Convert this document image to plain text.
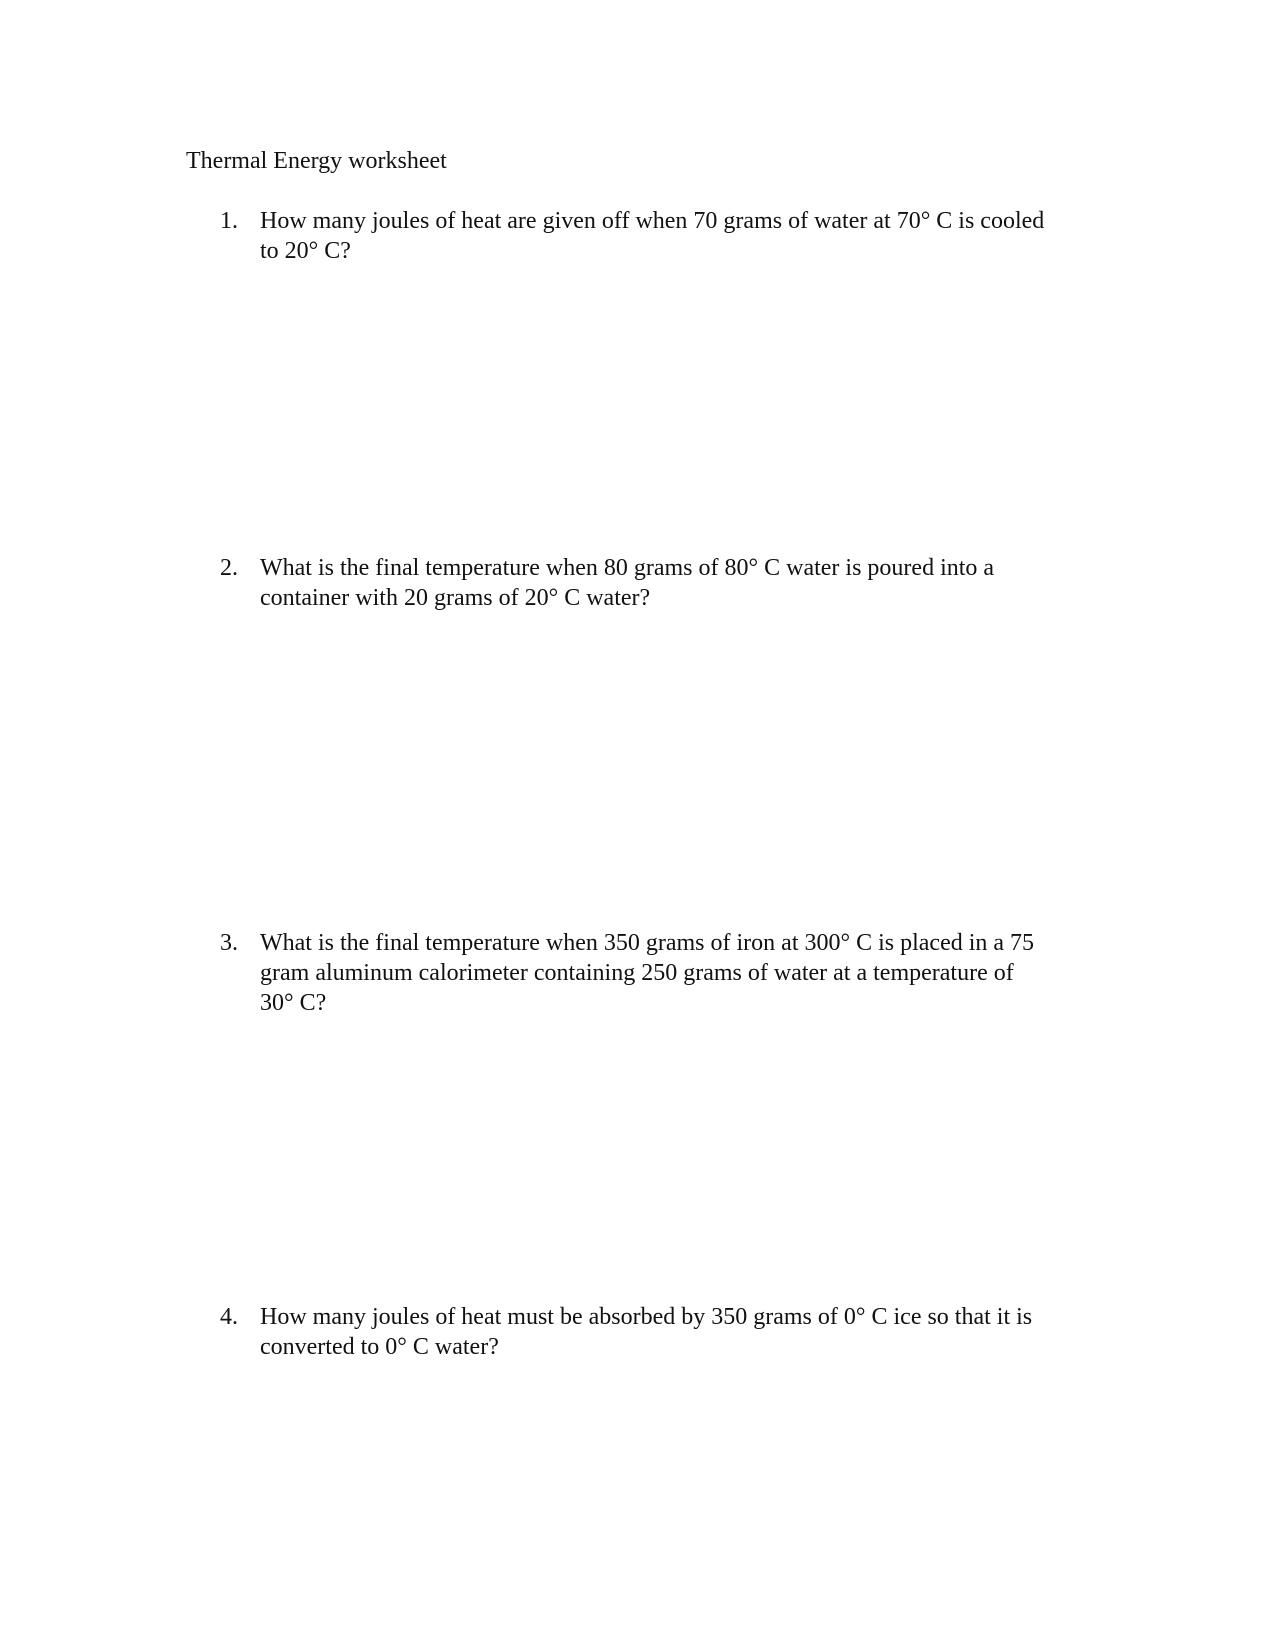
Thermal Energy worksheet
1. How many joules of heat are given off when 70 grams of water at 70° C is cooled
to 20° C?
2. What is the final temperature when 80 grams of 80° C water is poured into a
container with 20 grams of 20° C water?
3. What is the final temperature when 350 grams of iron at 300° C is placed in a 75
gram aluminum calorimeter containing 250 grams of water at a temperature of
30° C?
4. How many joules of heat must be absorbed by 350 grams of 0° C ice so that it is
converted to 0° C water?
